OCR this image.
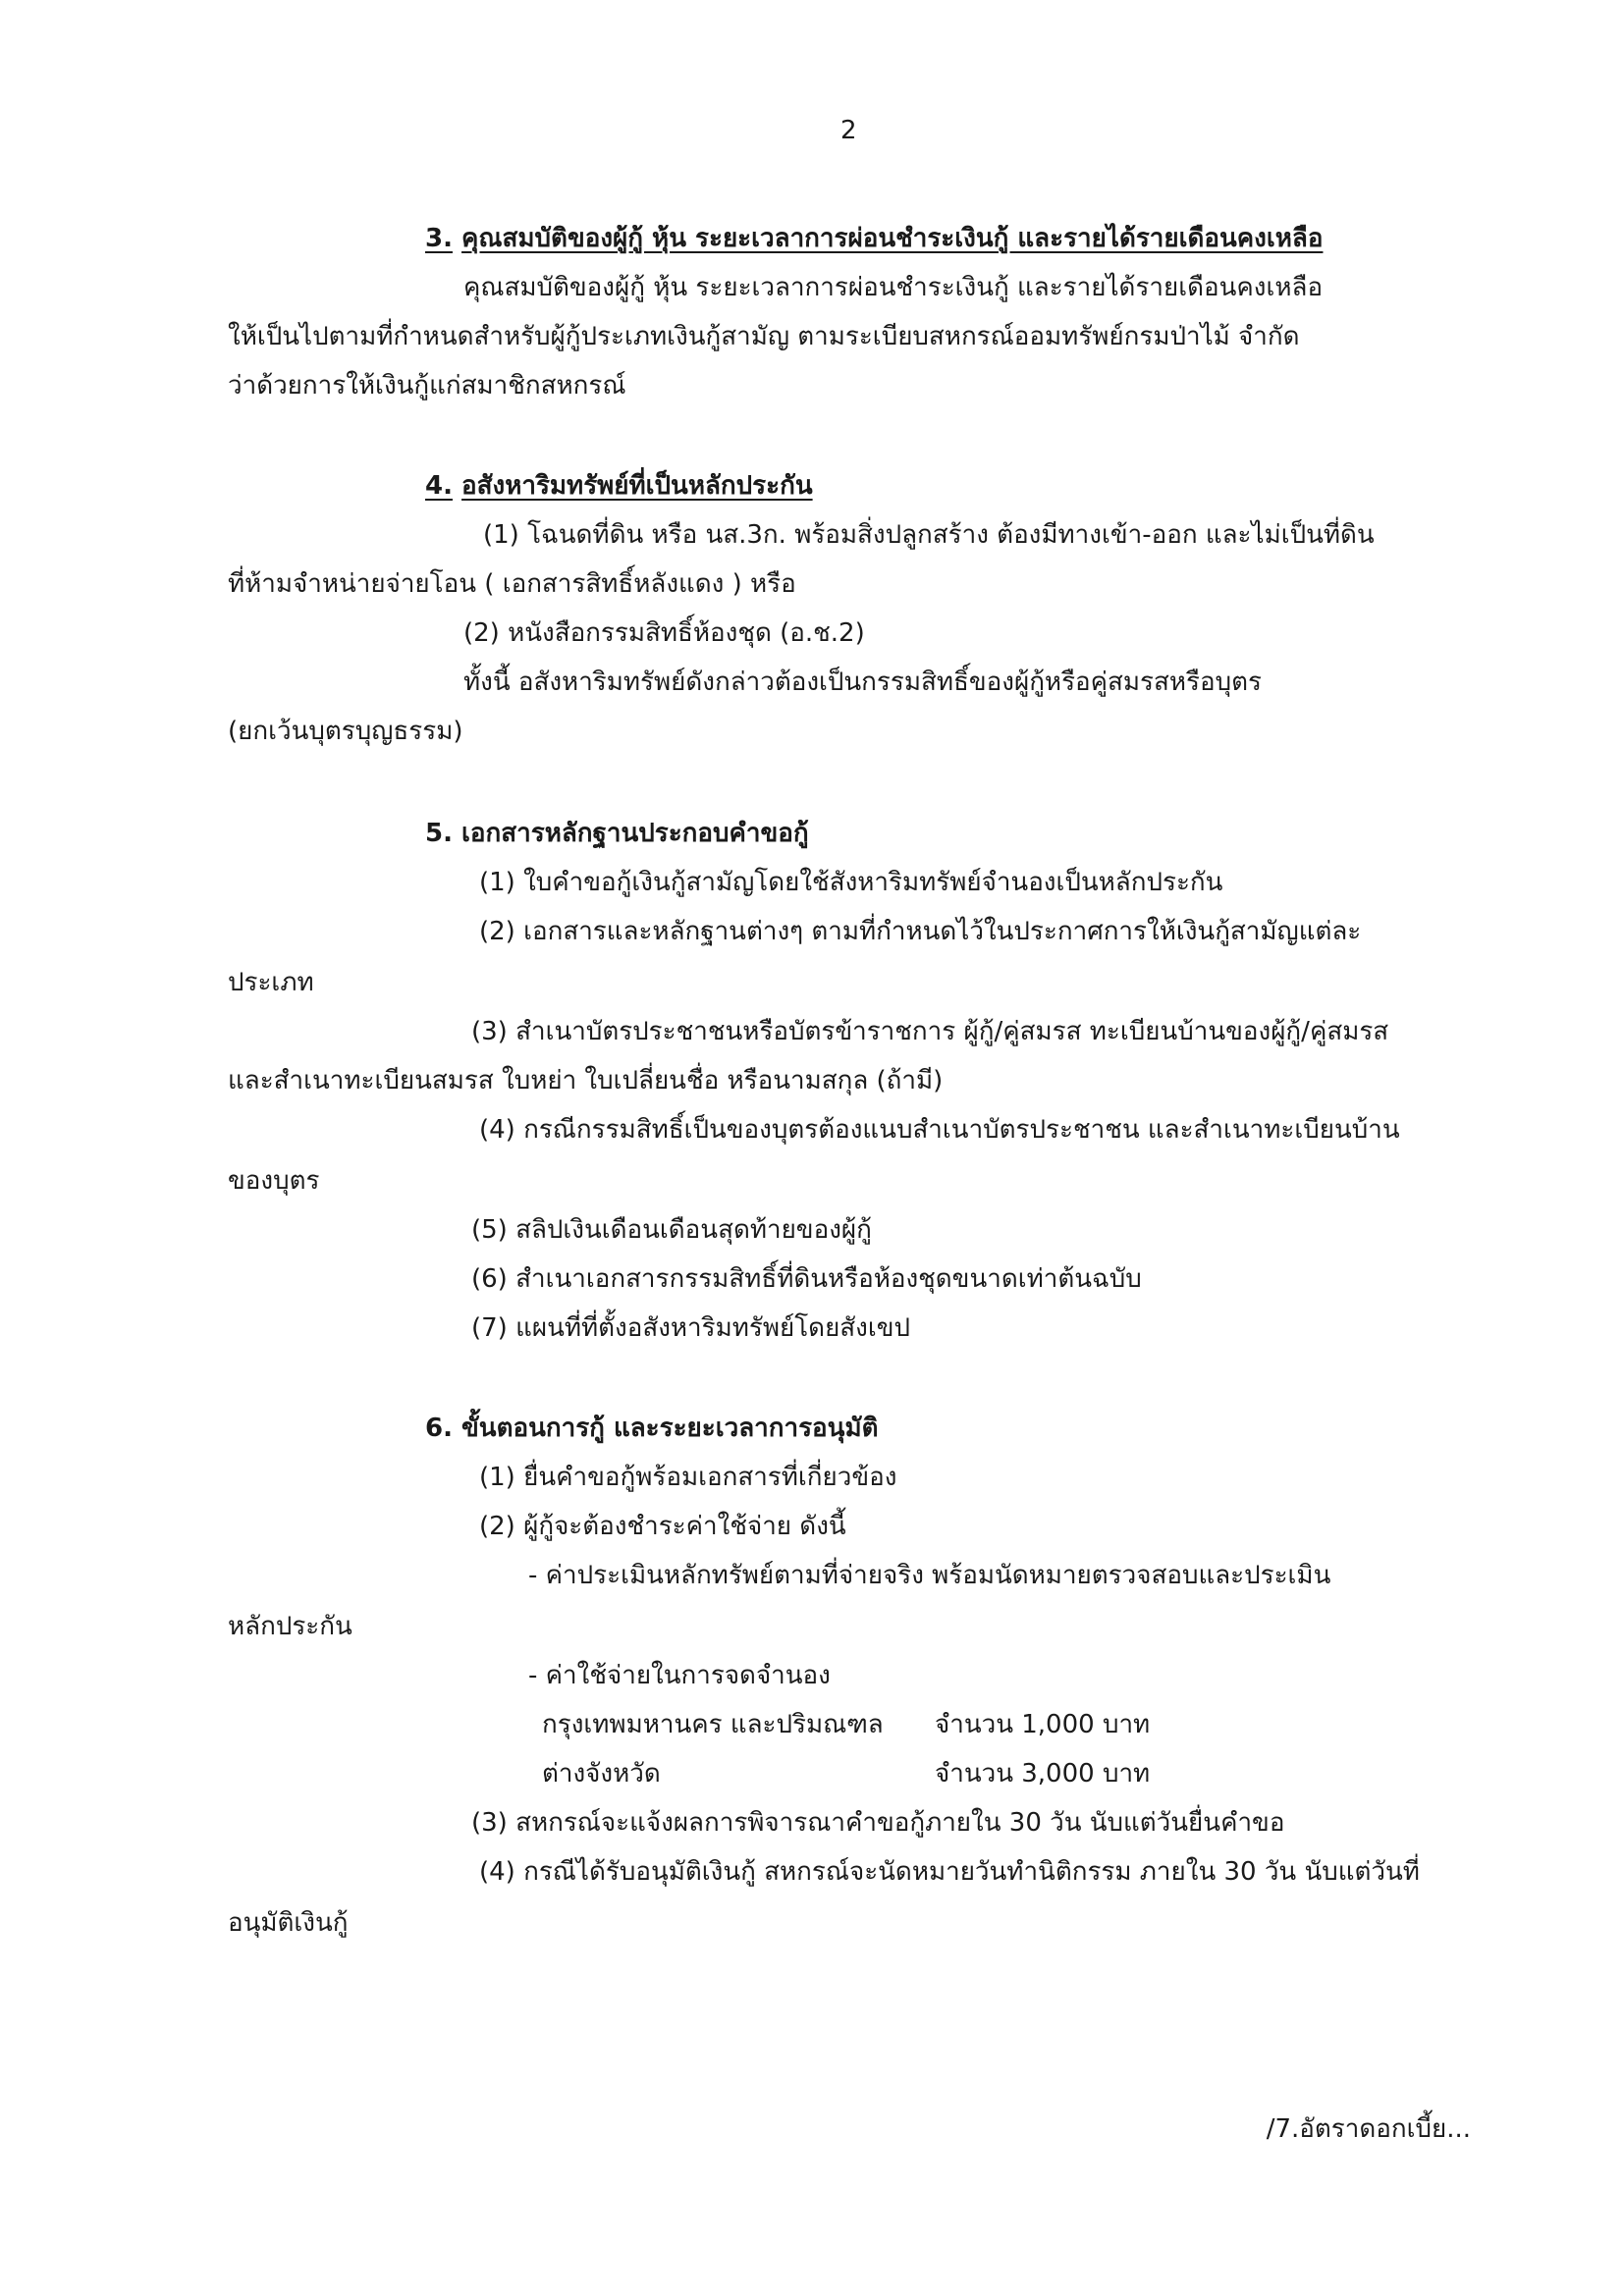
2
3. คุณสมบัติของผู้กู้ หุ้น ระยะเวลาการผ่อนชำระเงินกู้ และรายได้รายเดือนคงเหลือ
คุณสมบัติของผู้กู้ หุ้น ระยะเวลาการผ่อนชำระเงินกู้ และรายได้รายเดือนคงเหลือ
ให้เป็นไปตามที่กำหนดสำหรับผู้กู้ประเภทเงินกู้สามัญ ตามระเบียบสหกรณ์ออมทรัพย์กรมป่าไม้ จำกัด
ว่าด้วยการให้เงินกู้แก่สมาชิกสหกรณ์
4. อสังหาริมทรัพย์ที่เป็นหลักประกัน
(1) โฉนดที่ดิน หรือ นส.3ก. พร้อมสิ่งปลูกสร้าง ต้องมีทางเข้า-ออก และไม่เป็นที่ดิน
ที่ห้ามจำหน่ายจ่ายโอน ( เอกสารสิทธิ์หลังแดง ) หรือ
(2) หนังสือกรรมสิทธิ์ห้องชุด (อ.ช.2)
ทั้งนี้ อสังหาริมทรัพย์ดังกล่าวต้องเป็นกรรมสิทธิ์ของผู้กู้หรือคู่สมรสหรือบุตร
(ยกเว้นบุตรบุญธรรม)
5. เอกสารหลักฐานประกอบคำขอกู้
(1) ใบคำขอกู้เงินกู้สามัญโดยใช้สังหาริมทรัพย์จำนองเป็นหลักประกัน
(2) เอกสารและหลักฐานต่างๆ ตามที่กำหนดไว้ในประกาศการให้เงินกู้สามัญแต่ละ
ประเภท
(3) สำเนาบัตรประชาชนหรือบัตรข้าราชการ ผู้กู้/คู่สมรส ทะเบียนบ้านของผู้กู้/คู่สมรส
และสำเนาทะเบียนสมรส ใบหย่า ใบเปลี่ยนชื่อ หรือนามสกุล (ถ้ามี)
(4) กรณีกรรมสิทธิ์เป็นของบุตรต้องแนบสำเนาบัตรประชาชน และสำเนาทะเบียนบ้าน
ของบุตร
(5) สลิปเงินเดือนเดือนสุดท้ายของผู้กู้
(6) สำเนาเอกสารกรรมสิทธิ์ที่ดินหรือห้องชุดขนาดเท่าต้นฉบับ
(7) แผนที่ที่ตั้งอสังหาริมทรัพย์โดยสังเขป
6. ขั้นตอนการกู้ และระยะเวลาการอนุมัติ
(1) ยื่นคำขอกู้พร้อมเอกสารที่เกี่ยวข้อง
(2) ผู้กู้จะต้องชำระค่าใช้จ่าย ดังนี้
- ค่าประเมินหลักทรัพย์ตามที่จ่ายจริง พร้อมนัดหมายตรวจสอบและประเมิน
หลักประกัน
- ค่าใช้จ่ายในการจดจำนอง
กรุงเทพมหานคร และปริมณฑล จำนวน 1,000 บาท
ต่างจังหวัด	จำนวน 3,000 บาท
(3) สหกรณ์จะแจ้งผลการพิจารณาคำขอกู้ภายใน 30 วัน นับแต่วันยื่นคำขอ
(4) กรณีได้รับอนุมัติเงินกู้ สหกรณ์จะนัดหมายวันทำนิติกรรม ภายใน 30 วัน นับแต่วันที่
อนุมัติเงินกู้
/7.อัตราดอกเบี้ย...
